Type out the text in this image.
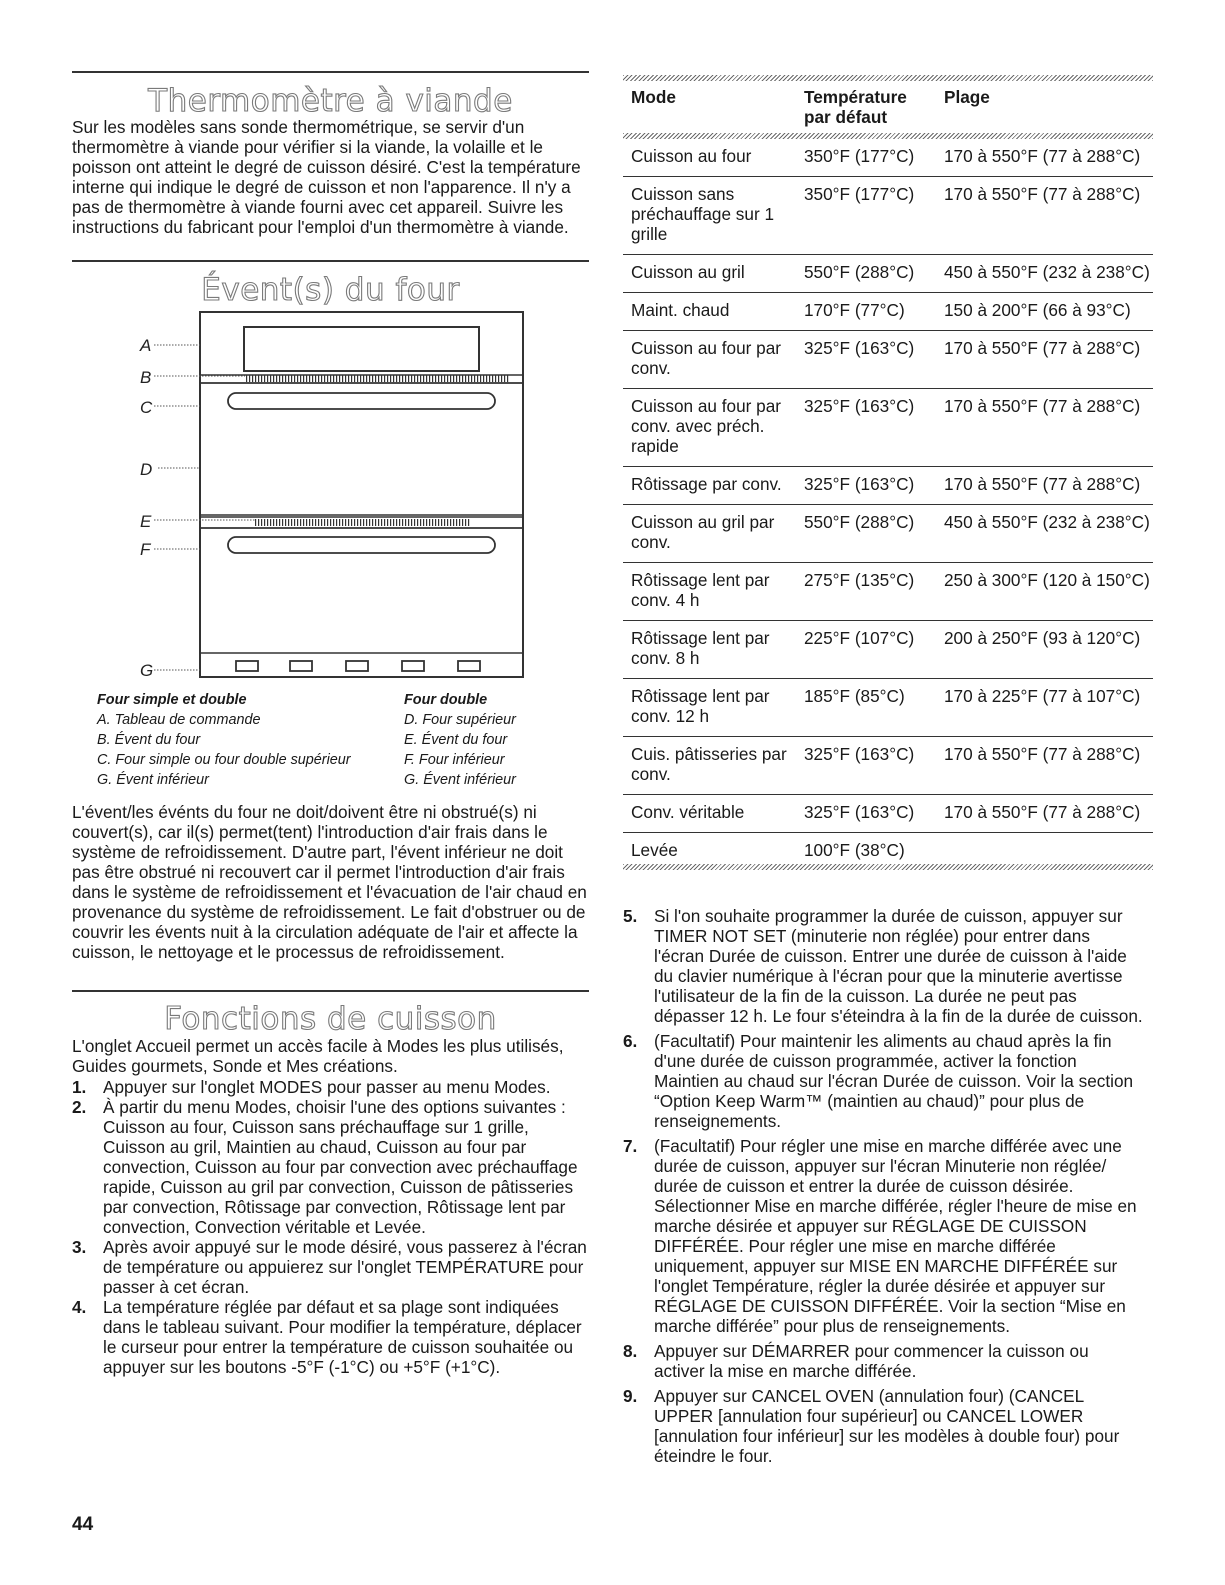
Thermomètre à viande

Sur les modèles sans sonde thermométrique, se servir d'un thermomètre à viande pour vérifier si la viande, la volaille et le poisson ont atteint le degré de cuisson désiré. C'est la température interne qui indique le degré de cuisson et non l'apparence. Il n'y a pas de thermomètre à viande fourni avec cet appareil. Suivre les instructions du fabricant pour l'emploi d'un thermomètre à viande.

Évent(s) du four
A
B
C
D
E
F
G
Four simple et double
A. Tableau de commande
B. Évent du four
C. Four simple ou four double supérieur
G. Évent inférieur
Four double
D. Four supérieur
E. Évent du four
F. Four inférieur
G. Évent inférieur

L'évent/les événts du four ne doit/doivent être ni obstrué(s) ni couvert(s), car il(s) permet(tent) l'introduction d'air frais dans le système de refroidissement. D'autre part, l'évent inférieur ne doit pas être obstrué ni recouvert car il permet l'introduction d'air frais dans le système de refroidissement et l'évacuation de l'air chaud en provenance du système de refroidissement. Le fait d'obstruer ou de couvrir les évents nuit à la circulation adéquate de l'air et affecte la cuisson, le nettoyage et le processus de refroidissement.

Fonctions de cuisson

L'onglet Accueil permet un accès facile à Modes les plus utilisés, Guides gourmets, Sonde et Mes créations.

1. Appuyer sur l'onglet MODES pour passer au menu Modes.
2. À partir du menu Modes, choisir l'une des options suivantes : Cuisson au four, Cuisson sans préchauffage sur 1 grille, Cuisson au gril, Maintien au chaud, Cuisson au four par convection, Cuisson au four par convection avec préchauffage rapide, Cuisson au gril par convection, Cuisson de pâtisseries par convection, Rôtissage par convection, Rôtissage lent par convection, Convection véritable et Levée.
3. Après avoir appuyé sur le mode désiré, vous passerez à l'écran de température ou appuierez sur l'onglet TEMPÉRATURE pour passer à cet écran.
4. La température réglée par défaut et sa plage sont indiquées dans le tableau suivant. Pour modifier la température, déplacer le curseur pour entrer la température de cuisson souhaitée ou appuyer sur les boutons -5°F (-1°C) ou +5°F (+1°C).

Mode	Température par défaut	Plage

Cuisson au four	350°F (177°C)	170 à 550°F (77 à 288°C)
Cuisson sans préchauffage sur 1 grille	350°F (177°C)	170 à 550°F (77 à 288°C)
Cuisson au gril	550°F (288°C)	450 à 550°F (232 à 238°C)
Maint. chaud	170°F (77°C)	150 à 200°F (66 à 93°C)
Cuisson au four par conv.	325°F (163°C)	170 à 550°F (77 à 288°C)
Cuisson au four par conv. avec préch. rapide	325°F (163°C)	170 à 550°F (77 à 288°C)
Rôtissage par conv.	325°F (163°C)	170 à 550°F (77 à 288°C)
Cuisson au gril par conv.	550°F (288°C)	450 à 550°F (232 à 238°C)
Rôtissage lent par conv. 4 h	275°F (135°C)	250 à 300°F (120 à 150°C)
Rôtissage lent par conv. 8 h	225°F (107°C)	200 à 250°F (93 à 120°C)
Rôtissage lent par conv. 12 h	185°F (85°C)	170 à 225°F (77 à 107°C)
Cuis. pâtisseries par conv.	325°F (163°C)	170 à 550°F (77 à 288°C)
Conv. véritable	325°F (163°C)	170 à 550°F (77 à 288°C)
Levée	100°F (38°C)	

5. Si l'on souhaite programmer la durée de cuisson, appuyer sur TIMER NOT SET (minuterie non réglée) pour entrer dans l'écran Durée de cuisson. Entrer une durée de cuisson à l'aide du clavier numérique à l'écran pour que la minuterie avertisse l'utilisateur de la fin de la cuisson. La durée ne peut pas dépasser 12 h. Le four s'éteindra à la fin de la durée de cuisson.
6. (Facultatif) Pour maintenir les aliments au chaud après la fin d'une durée de cuisson programmée, activer la fonction Maintien au chaud sur l'écran Durée de cuisson. Voir la section “Option Keep Warm™ (maintien au chaud)” pour plus de renseignements.
7. (Facultatif) Pour régler une mise en marche différée avec une durée de cuisson, appuyer sur l'écran Minuterie non réglée/ durée de cuisson et entrer la durée de cuisson désirée. Sélectionner Mise en marche différée, régler l'heure de mise en marche désirée et appuyer sur RÉGLAGE DE CUISSON DIFFÉRÉE. Pour régler une mise en marche différée uniquement, appuyer sur MISE EN MARCHE DIFFÉRÉE sur l'onglet Température, régler la durée désirée et appuyer sur RÉGLAGE DE CUISSON DIFFÉRÉE. Voir la section “Mise en marche différée” pour plus de renseignements.
8. Appuyer sur DÉMARRER pour commencer la cuisson ou activer la mise en marche différée.
9. Appuyer sur CANCEL OVEN (annulation four) (CANCEL UPPER [annulation four supérieur] ou CANCEL LOWER [annulation four inférieur] sur les modèles à double four) pour éteindre le four.
44
